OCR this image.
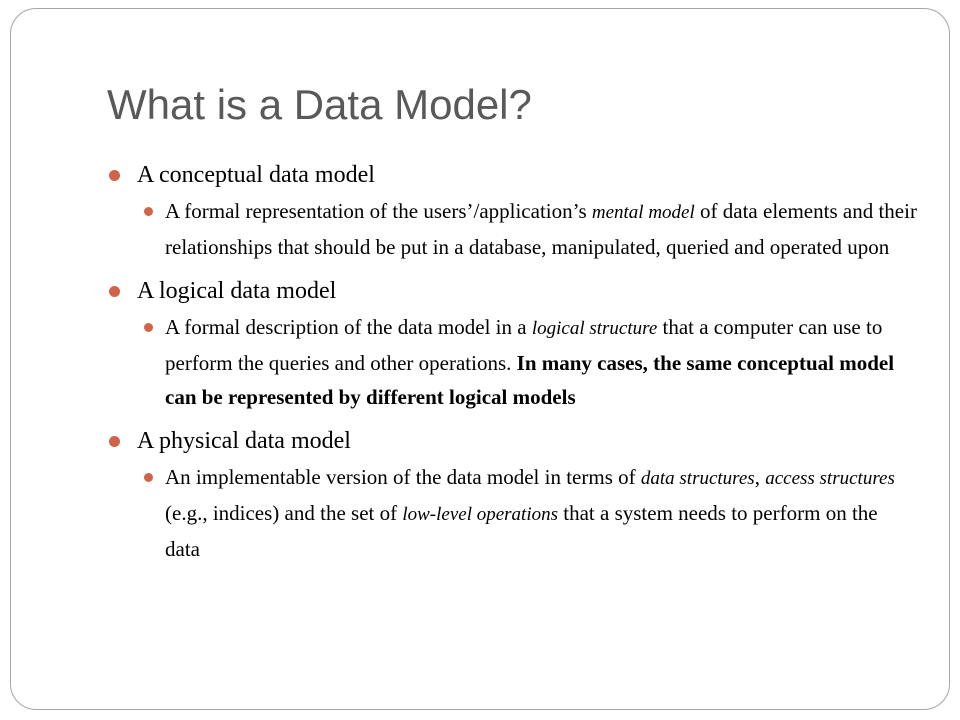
What is a Data Model?
A conceptual data model
A formal representation of the users’/application’s mental model of data elements and their relationships that should be put in a database, manipulated, queried and operated upon
A logical data model
A formal description of the data model in a logical structure that a computer can use to perform the queries and other operations. In many cases, the same conceptual model can be represented by different logical models
A physical data model
An implementable version of the data model in terms of data structures, access structures (e.g., indices) and the set of low-level operations that a system needs to perform on the data
